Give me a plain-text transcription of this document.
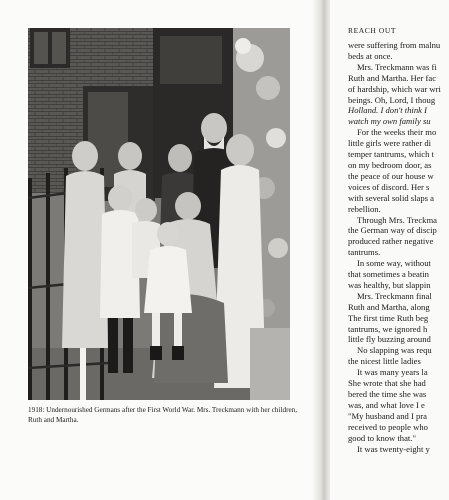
1918: Undernourished Germans after the First World War. Mrs. Treckmann with her children, Ruth and Martha.
REACH OUT
were suffering from malnu
beds at once.
Mrs. Treckmann was fi
Ruth and Martha. Her fac
of hardship, which war wri
beings. Oh, Lord, I thoug
Holland. I don't think I
watch my own family su
For the weeks their mo
little girls were rather di
temper tantrums, which t
on my bedroom door, as
the peace of our house w
voices of discord. Her s
with several solid slaps a
rebellion.
Through Mrs. Treckma
the German way of discip
produced rather negative
tantrums.
In some way, without
that sometimes a beatin
was healthy, but slappin
Mrs. Treckmann final
Ruth and Martha, along
The first time Ruth beg
tantrums, we ignored h
little fly buzzing around
No slapping was requ
the nicest little ladies
It was many years la
She wrote that she had
bered the time she was
was, and what love I e
"My husband and I pra
received to people who
good to know that."
It was twenty-eight y
